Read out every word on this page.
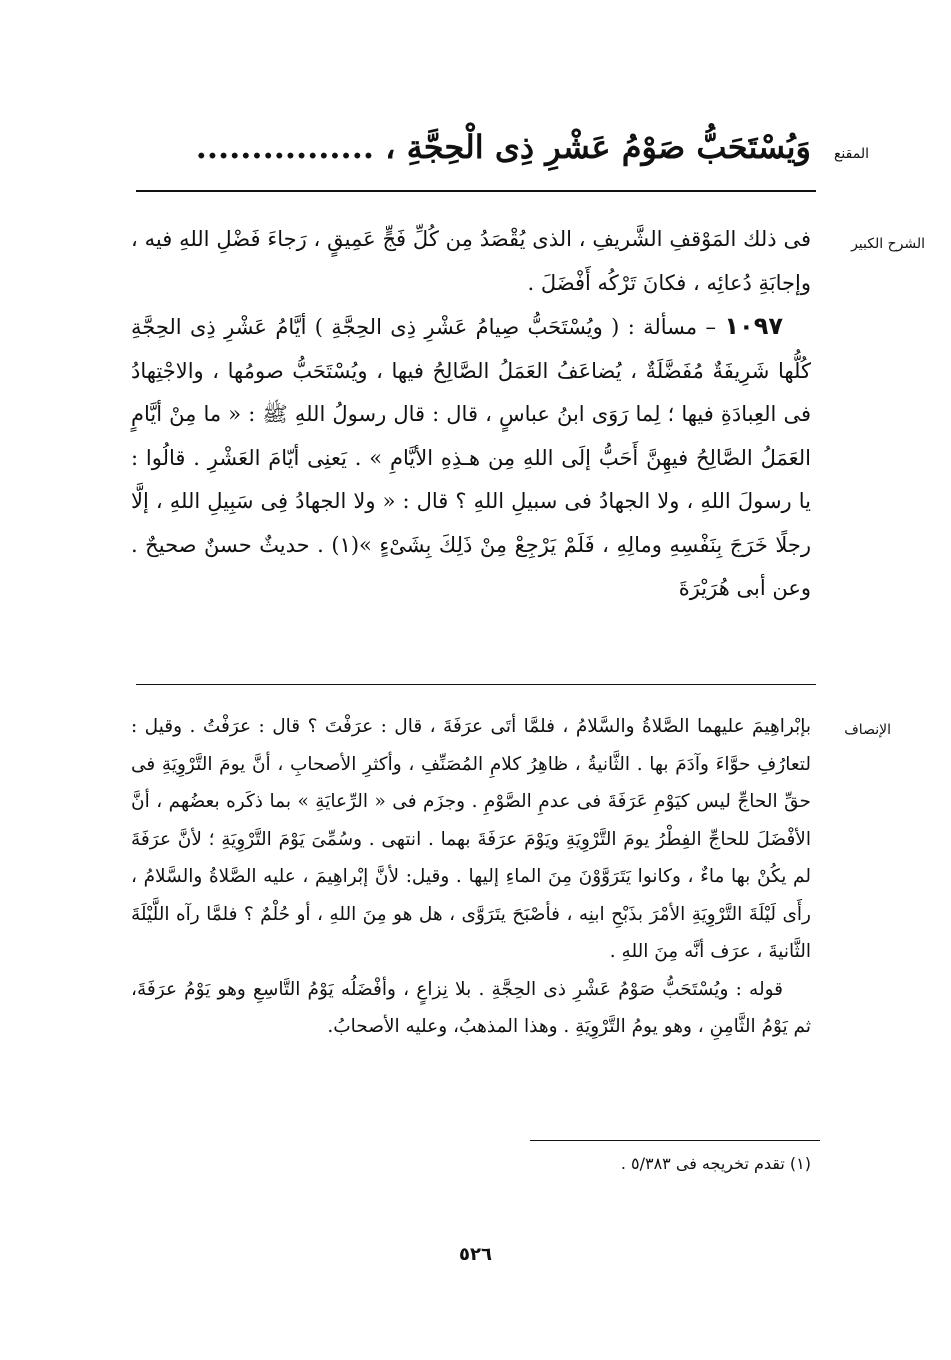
المقنع
وَيُسْتَحَبُّ صَوْمُ عَشْرِ ذِى الْحِجَّةِ ، ................
الشرح الكبير

فى ذلك المَوْقفِ الشَّريفِ ، الذى يُقْصَدُ مِن كُلِّ فَجٍّ عَمِيقٍ ، رَجاءَ فَضْلِ اللهِ فيه ، وإجابَةِ دُعائِه ، فكانَ تَرْكُه أَفْضَلَ .

١٠٩٧ – مسألة : ( ويُسْتَحَبُّ صِيامُ عَشْرِ ذِى الحِجَّةِ ) أيَّامُ عَشْرِ ذِى الحِجَّةِ كُلُّها شَرِيفَةٌ مُفَضَّلَةٌ ، يُضاعَفُ العَمَلُ الصَّالِحُ فيها ، ويُسْتَحَبُّ صومُها ، والاجْتِهادُ فى العِبادَةِ فيها ؛ لِما رَوَى ابنُ عباسٍ ، قال : قال رسولُ اللهِ ﷺ : « ما مِنْ أيَّامٍ العَمَلُ الصَّالِحُ فيهِنَّ أَحَبُّ إلَى اللهِ مِن هـذِهِ الأيَّامِ » . يَعنِى أيّامَ العَشْرِ . قالُوا : يا رسولَ اللهِ ، ولا الجهادُ فى سبيلِ اللهِ ؟ قال : « ولا الجهادُ فِى سَبِيلِ اللهِ ، إلَّا رجلًا خَرَجَ بِنَفْسِهِ ومالِهِ ، فَلَمْ يَرْجِعْ مِنْ ذَلِكَ بِشَىْءٍ »(١) . حديثٌ حسنٌ صحيحٌ . وعن أبى هُرَيْرَةَ

الإنصاف

بإبْراهِيمَ عليهما الصَّلاةُ والسَّلامُ ، فلمَّا أتَى عرَفَةَ ، قال : عرَفْتَ ؟ قال : عرَفْتُ . وقيل : لتعارُفِ حوَّاءَ وآدَمَ بها . الثَّانيةُ ، ظاهِرُ كلامِ المُصَنِّفِ ، وأكثرِ الأصحابِ ، أنَّ يومَ التَّرْوِيَةِ فى حقِّ الحاجِّ ليس كيَوْمِ عَرَفَةَ فى عدمِ الصَّوْمِ . وجزَم فى « الرِّعايَةِ » بما ذكَره بعضُهم ، أنَّ الأفْضَلَ للحاجِّ الفِطْرُ يومَ التَّرْوِيَةِ ويَوْمَ عرَفَةَ بهما . انتهى . وسُمِّىَ يَوْمَ التَّرْوِيَةِ ؛ لأنَّ عرَفَةَ لم يكُنْ بها ماءٌ ، وكانوا يَتَرَوَّوْنَ مِنَ الماءِ إليها . وقيل: لأنَّ إبْراهِيمَ ، عليه الصَّلاةُ والسَّلامُ ، رأَى لَيْلَةَ التَّرْوِيَةِ الأمْرَ بذَبْحِ ابنِه ، فأصْبَحَ يتَرَوَّى ، هل هو مِنَ اللهِ ، أو حُلْمٌ ؟ فلمَّا رآه اللَّيْلَةَ الثَّانيةَ ، عرَف أنَّه مِنَ اللهِ .

قوله : ويُسْتَحَبُّ صَوْمُ عَشْرِ ذى الحِجَّةِ . بلا نِزاعٍ ، وأفْضَلُه يَوْمُ التَّاسِعِ وهو يَوْمُ عرَفَةَ، ثم يَوْمُ الثَّامِنِ ، وهو يومُ التَّرْوِيَةِ . وهذا المذهبُ، وعليه الأصحابُ.

(١) تقدم تخريجه فى ٥/٣٨٣ .
٥٢٦
